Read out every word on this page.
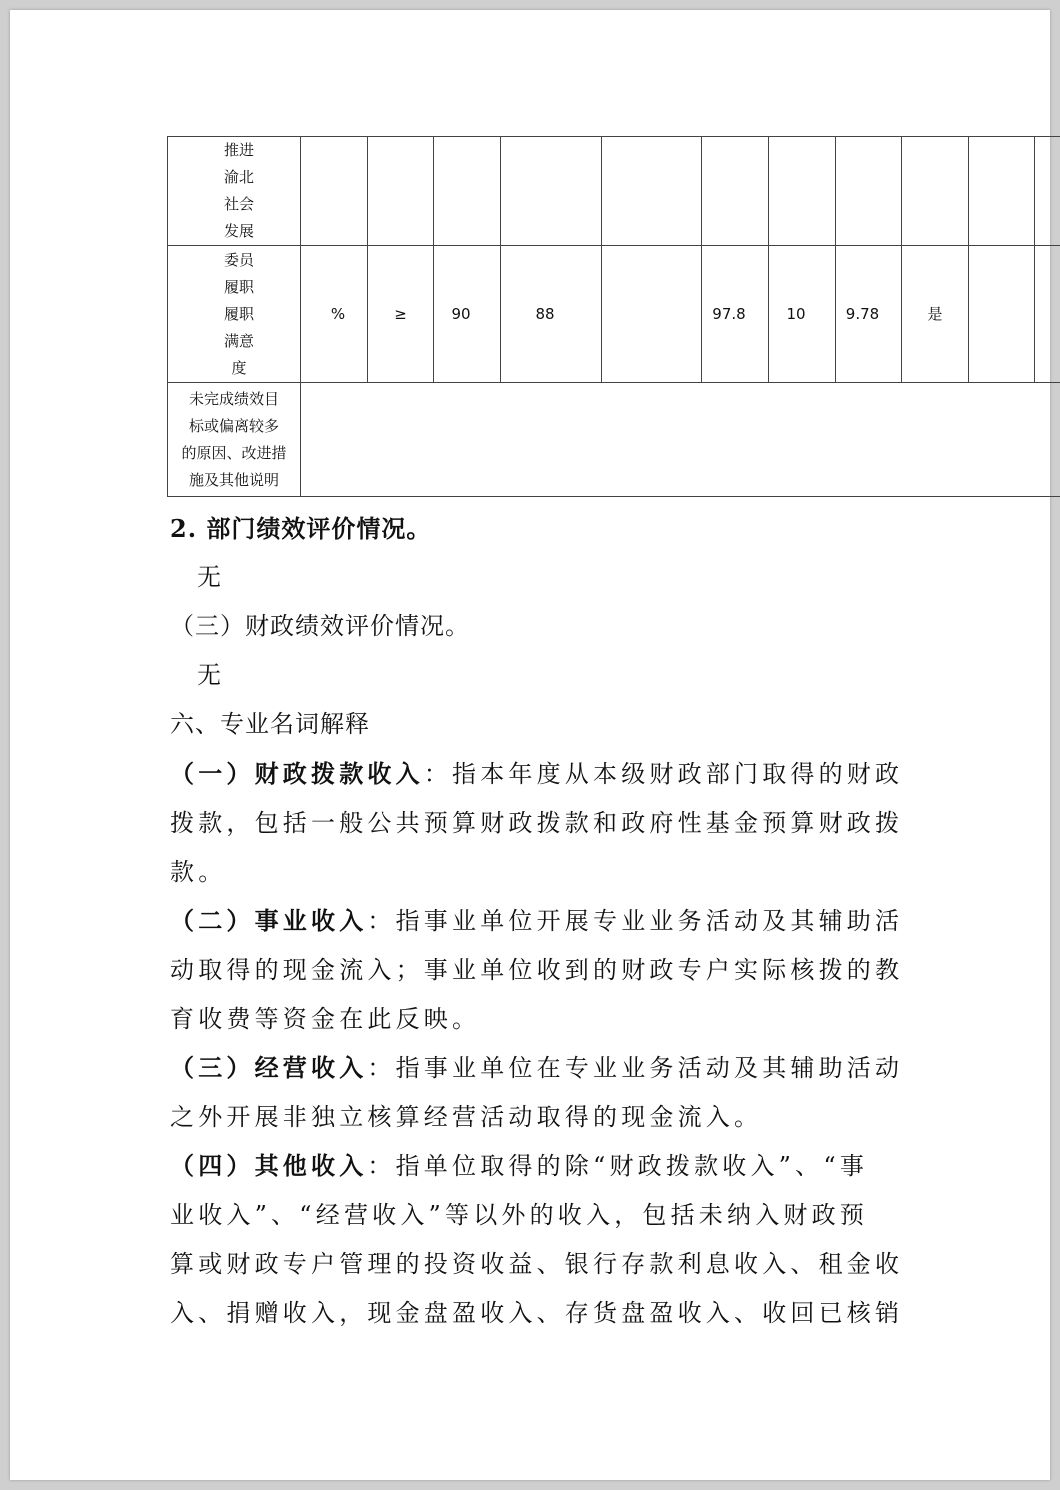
推进
渝北
社会
发展											

委员
履职
履职
满意
度	%	≥	90	88		97.8	10	9.78	是		

未完成绩效目
标或偏离较多
的原因、改进措
施及其他说明											

2. 部门绩效评价情况。
无
（三）财政绩效评价情况。
无
六、专业名词解释
（一）财政拨款收入：指本年度从本级财政部门取得的财政
拨款，包括一般公共预算财政拨款和政府性基金预算财政拨
款。
（二）事业收入：指事业单位开展专业业务活动及其辅助活
动取得的现金流入；事业单位收到的财政专户实际核拨的教
育收费等资金在此反映。
（三）经营收入：指事业单位在专业业务活动及其辅助活动
之外开展非独立核算经营活动取得的现金流入。
（四）其他收入：指单位取得的除“财政拨款收入”、“事
业收入”、“经营收入”等以外的收入，包括未纳入财政预
算或财政专户管理的投资收益、银行存款利息收入、租金收
入、捐赠收入，现金盘盈收入、存货盘盈收入、收回已核销
